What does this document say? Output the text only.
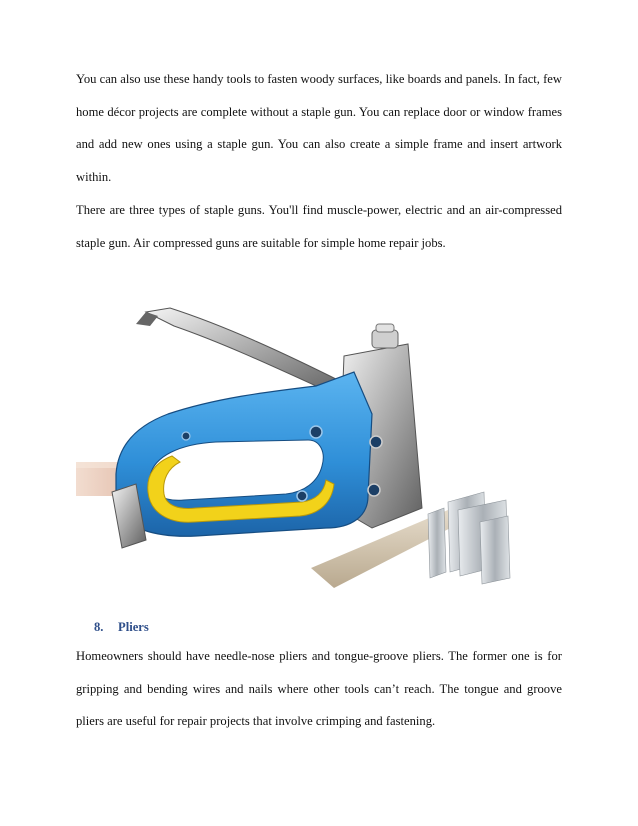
You can also use these handy tools to fasten woody surfaces, like boards and panels. In fact, few home décor projects are complete without a staple gun. You can replace door or window frames and add new ones using a staple gun. You can also create a simple frame and insert artwork within.

There are three types of staple guns. You'll find muscle-power, electric and an air-compressed staple gun. Air compressed guns are suitable for simple home repair jobs.

8. Pliers

Homeowners should have needle-nose pliers and tongue-groove pliers. The former one is for gripping and bending wires and nails where other tools can’t reach. The tongue and groove pliers are useful for repair projects that involve crimping and fastening.
